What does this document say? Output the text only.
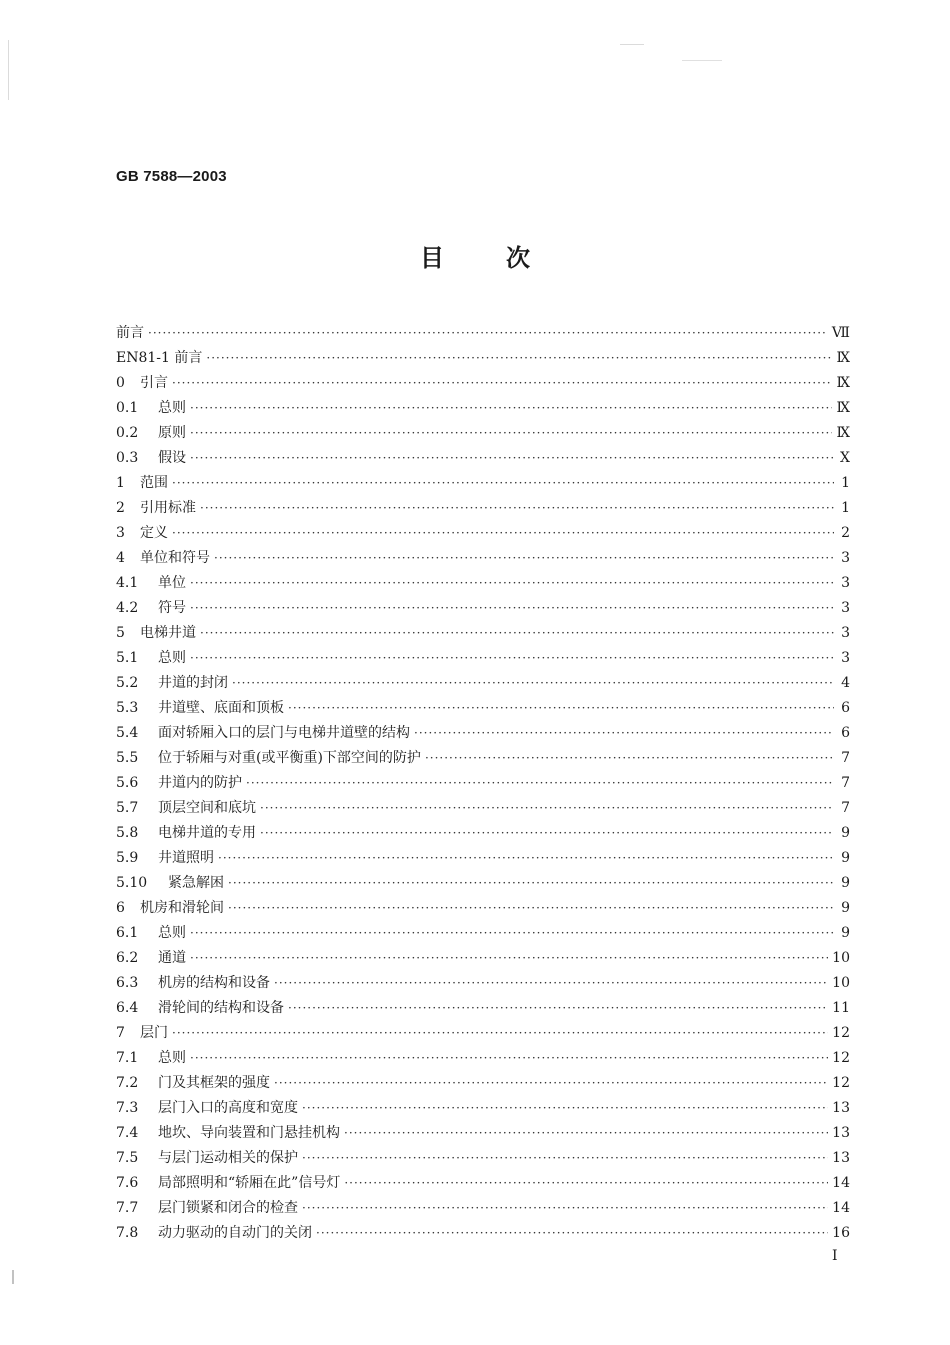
GB 7588—2003
目	次
前言 ·····	Ⅶ
EN81-1 前言 ·····	Ⅸ
0	引言 ·····	Ⅸ
0.1	总则 ·····	Ⅸ
0.2	原则 ·····	Ⅸ
0.3	假设 ·····	Ⅹ
1	范围 ·····	1
2	引用标准 ·····	1
3	定义 ·····	2
4	单位和符号 ·····	3
4.1	单位 ·····	3
4.2	符号 ·····	3
5	电梯井道 ·····	3
5.1	总则 ·····	3
5.2	井道的封闭 ·····	4
5.3	井道壁、底面和顶板 ·····	6
5.4	面对轿厢入口的层门与电梯井道壁的结构 ·····	6
5.5	位于轿厢与对重(或平衡重)下部空间的防护 ·····	7
5.6	井道内的防护 ·····	7
5.7	顶层空间和底坑 ·····	7
5.8	电梯井道的专用 ·····	9
5.9	井道照明 ·····	9
5.10	紧急解困 ·····	9
6	机房和滑轮间 ·····	9
6.1	总则 ·····	9
6.2	通道 ·····	10
6.3	机房的结构和设备 ·····	10
6.4	滑轮间的结构和设备 ·····	11
7	层门 ·····	12
7.1	总则 ·····	12
7.2	门及其框架的强度 ·····	12
7.3	层门入口的高度和宽度 ·····	13
7.4	地坎、导向装置和门悬挂机构 ·····	13
7.5	与层门运动相关的保护 ·····	13
7.6	局部照明和“轿厢在此”信号灯 ·····	14
7.7	层门锁紧和闭合的检查 ·····	14
7.8	动力驱动的自动门的关闭 ·····	16
I
